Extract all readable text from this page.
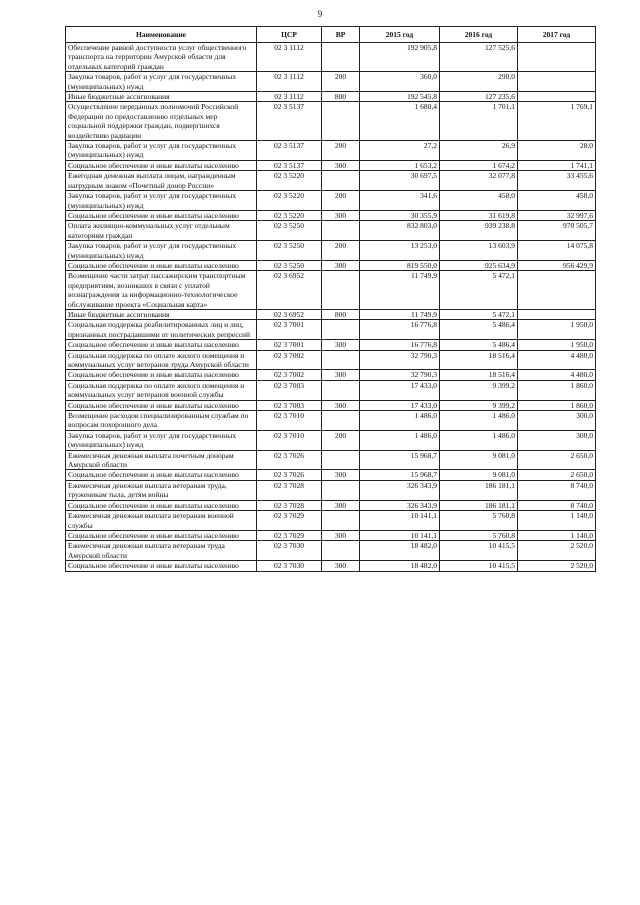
9
Наименование	ЦСР	ВР	2015 год	2016 год	2017 год
Обеспечение равной доступности услуг общественного транспорта на территории Амурской области для отдельных категорий граждан	02 3 1112		192 905,8	127 525,6	
Закупка товаров, работ и услуг для государственных (муниципальных) нужд	02 3 1112	200	360,0	290,0	
Иные бюджетные ассигнования	02 3 1112	800	192 545,8	127 235,6	
Осуществление переданных полномочий Российской Федерации по предоставлению отдельных мер социальной поддержки граждан, подвергшихся воздействию радиации	02 3 5137		1 680,4	1 701,1	1 769,1
Закупка товаров, работ и услуг для государственных (муниципальных) нужд	02 3 5137	200	27,2	26,9	28,0
Социальное обеспечение и иные выплаты населению	02 3 5137	300	1 653,2	1 674,2	1 741,1
Ежегодная денежная выплата лицам, награжденным нагрудным знаком «Почетный донор России»	02 3 5220		30 697,5	32 077,8	33 455,6
Закупка товаров, работ и услуг для государственных (муниципальных) нужд	02 3 5220	200	341,6	458,0	458,0
Социальное обеспечение и иные выплаты населению	02 3 5220	300	30 355,9	31 619,8	32 997,6
Оплата жилищно-коммунальных услуг отдельным категориям граждан	02 3 5250		832 803,0	939 238,8	970 505,7
Закупка товаров, работ и услуг для государственных (муниципальных) нужд	02 3 5250	200	13 253,0	13 603,9	14 075,8
Социальное обеспечение и иные выплаты населению	02 3 5250	300	819 550,0	925 634,9	956 429,9
Возмещение части затрат пассажирским транспортным предприятиям, возникших в связи с уплатой вознаграждения за информационно-технологическое обслуживание проекта «Социальная карта»	02 3 6952		11 749,9	5 472,1	
Иные бюджетные ассигнования	02 3 6952	800	11 749,9	5 472,1	
Социальная поддержка реабилитированных лиц и лиц, признанных пострадавшими от политических репрессий	02 3 7001		16 776,8	5 486,4	1 950,0
Социальное обеспечение и иные выплаты населению	02 3 7001	300	16 776,8	5 486,4	1 950,0
Социальная поддержка по оплате жилого помещения и коммунальных услуг ветеранов труда Амурской области	02 3 7002		32 790,3	18 516,4	4 480,0
Социальное обеспечение и иные выплаты населению	02 3 7002	300	32 790,3	18 516,4	4 480,0
Социальная поддержка по оплате жилого помещения и коммунальных услуг ветеранов военной службы	02 3 7003		17 433,0	9 399,2	1 860,0
Социальное обеспечение и иные выплаты населению	02 3 7003	300	17 433,0	9 399,2	1 860,0
Возмещение расходов специализированным службам по вопросам похоронного дела	02 3 7010		1 486,0	1 486,0	300,0
Закупка товаров, работ и услуг для государственных (муниципальных) нужд	02 3 7010	200	1 486,0	1 486,0	300,0
Ежемесячная денежная выплата почетным донорам Амурской области	02 3 7026		15 968,7	9 081,0	2 650,0
Социальное обеспечение и иные выплаты населению	02 3 7026	300	15 968,7	9 081,0	2 650,0
Ежемесячная денежная выплата ветеранам труда, труженикам тыла, детям войны	02 3 7028		326 343,9	186 181,1	8 740,0
Социальное обеспечение и иные выплаты населению	02 3 7028	300	326 343,9	186 181,1	8 740,0
Ежемесячная денежная выплата ветеранам военной службы	02 3 7029		10 141,1	5 760,8	1 140,0
Социальное обеспечение и иные выплаты населению	02 3 7029	300	10 141,1	5 760,8	1 140,0
Ежемесячная денежная выплата ветеранам труда Амурской области	02 3 7030		18 482,0	10 415,5	2 520,0
Социальное обеспечение и иные выплаты населению	02 3 7030	300	18 482,0	10 415,5	2 520,0
